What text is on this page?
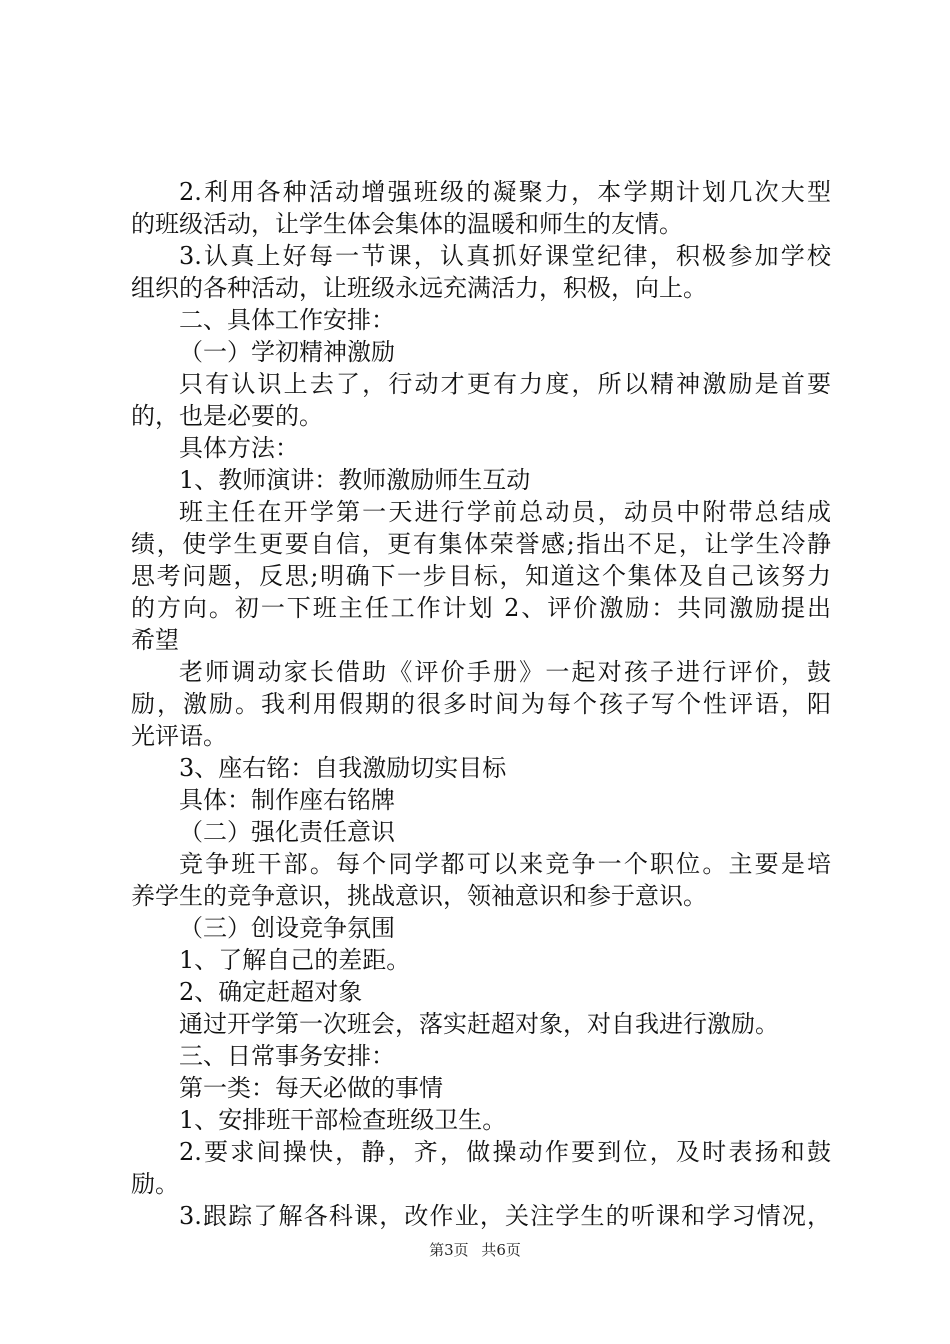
2.利用各种活动增强班级的凝聚力，本学期计划几次大型
的班级活动，让学生体会集体的温暖和师生的友情。
3.认真上好每一节课，认真抓好课堂纪律，积极参加学校
组织的各种活动，让班级永远充满活力，积极，向上。
二、具体工作安排：
（一）学初精神激励
只有认识上去了，行动才更有力度，所以精神激励是首要
的，也是必要的。
具体方法：
1、教师演讲：教师激励师生互动
班主任在开学第一天进行学前总动员，动员中附带总结成
绩，使学生更要自信，更有集体荣誉感;指出不足，让学生冷静
思考问题，反思;明确下一步目标，知道这个集体及自己该努力
的方向。初一下班主任工作计划 2、评价激励：共同激励提出
希望
老师调动家长借助《评价手册》一起对孩子进行评价，鼓
励，激励。我利用假期的很多时间为每个孩子写个性评语，阳
光评语。
3、座右铭：自我激励切实目标
具体：制作座右铭牌
（二）强化责任意识
竞争班干部。每个同学都可以来竞争一个职位。主要是培
养学生的竞争意识，挑战意识，领袖意识和参于意识。
（三）创设竞争氛围
1、了解自己的差距。
2、确定赶超对象
通过开学第一次班会，落实赶超对象，对自我进行激励。
三、日常事务安排：
第一类：每天必做的事情
1、安排班干部检查班级卫生。
2.要求间操快，静，齐，做操动作要到位，及时表扬和鼓
励。
3.跟踪了解各科课，改作业，关注学生的听课和学习情况，
第3页 共6页
